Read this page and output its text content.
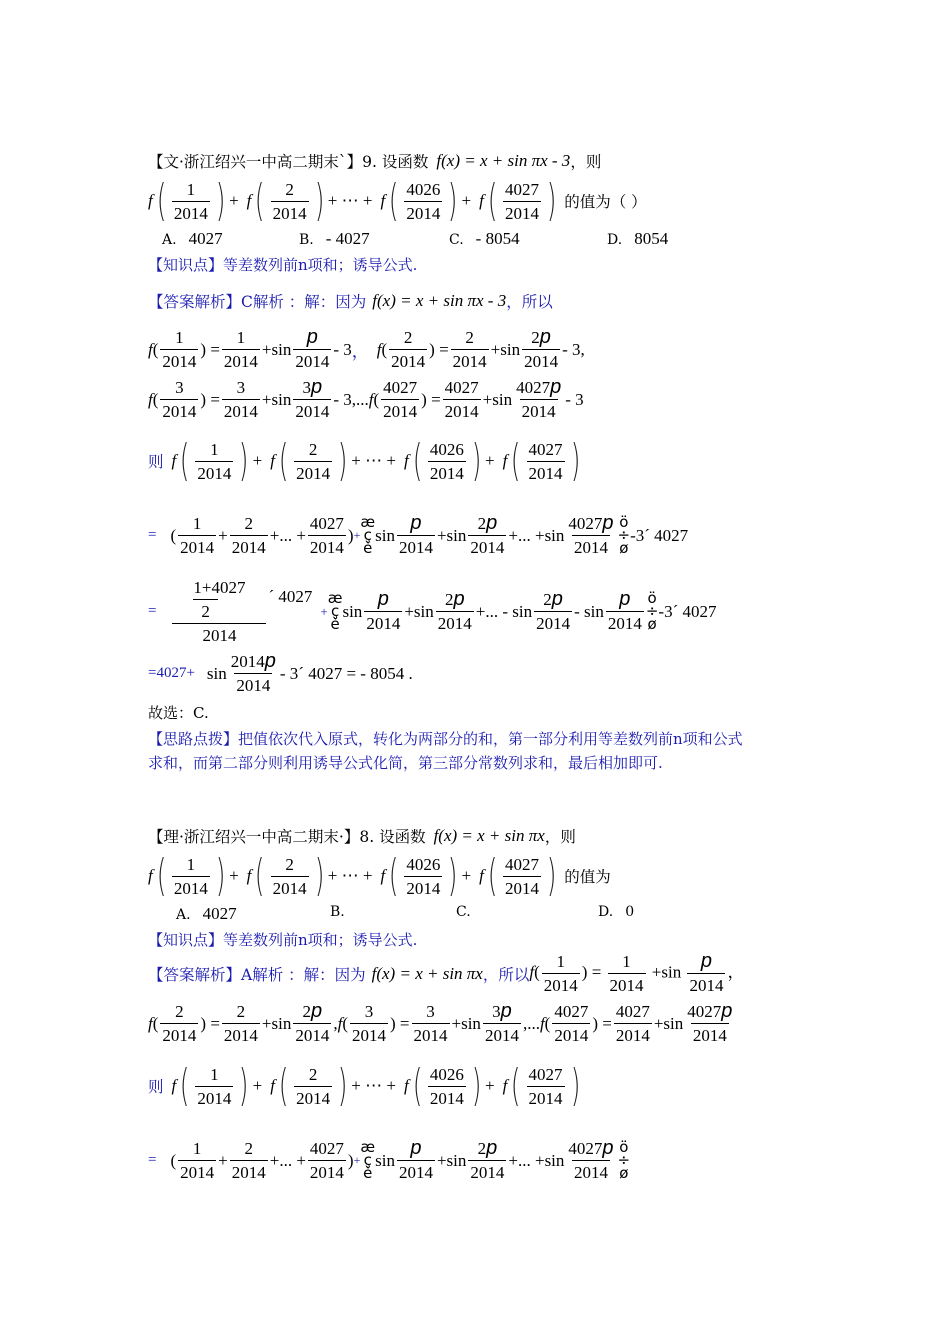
【文·浙江绍兴一中高二期末`】9. 设函数 f(x) = x + sin πx - 3 ，则
f ( $\frac{1}{2014}$ ) + f ( $\frac{2}{2014}$ ) + ⋯ + f ( $\frac{4026}{2014}$ ) + f ( $\frac{4027}{2014}$ ) 的值为（ ）
A. 4027	B. - 4027	C. - 8054	D. 8054
【知识点】等差数列前n项和；诱导公式.
【答案解析】C解析 ：解：因为 f(x) = x + sin πx - 3 ，所以
f ( $\frac{1}{2014}$ ) = $\frac{1}{2014} +\sin \frac{p}{2014} - 3$ ， f ( $\frac{2}{2014}$ ) = $\frac{2}{2014} +\sin \frac{2p}{2014} - 3$,
f ( $\frac{3}{2014}$ ) = $\frac{3}{2014} +\sin \frac{3p}{2014} - 3$,... f ( $\frac{4027}{2014}$ ) = $\frac{4027}{2014} +\sin \frac{4027p}{2014} - 3$
则 f ( $\frac{1}{2014}$ ) + f ( $\frac{2}{2014}$ ) + ⋯ + f ( $\frac{4026}{2014}$ ) + f ( $\frac{4027}{2014}$ )
= ( $\frac{1}{2014} + \frac{2}{2014}$ +... + $\frac{4027}{2014}$ ) +
æ
ç
è
$\sin \frac{p}{2014} +\sin \frac{2p}{2014}$ +... $+\sin \frac{4027p}{2014}$ ö
÷
ø
-3´ 4027
=
1+4027
2
2014
´ 4027
+
æ
ç
è
$\sin \frac{p}{2014} +\sin \frac{2p}{2014}$ +... - $\sin \frac{2p}{2014}$ - $\sin \frac{p}{2014}$ ö
÷
ø
-3´ 4027
$=4027+ \sin \frac{2014p}{2014}$ - 3´ 4027 = - 8054 .
故选：C.
【思路点拨】把值依次代入原式，转化为两部分的和，第一部分利用等差数列前n项和公式
求和，而第二部分则利用诱导公式化简，第三部分常数列求和，最后相加即可.
【理·浙江绍兴一中高二期末·】8. 设函数 f(x) = x + sin πx ，则
f ( $\frac{1}{2014}$ ) + f ( $\frac{2}{2014}$ ) + ⋯ + f ( $\frac{4026}{2014}$ ) + f ( $\frac{4027}{2014}$ ) 的值为
A. 4027	B.	C.	D. 0
【知识点】等差数列前n项和；诱导公式.
【答案解析】A解析 ：解：因为 f(x) = x + sin πx ，所以 $f( \frac{1}{2014}$ ) = $\frac{1}{2014} +\sin \frac{p}{2014}$ ，
f ( $\frac{2}{2014}$ ) = $\frac{2}{2014} +\sin \frac{2p}{2014}$ , f ( $\frac{3}{2014}$ ) = $\frac{3}{2014} +\sin \frac{3p}{2014}$ ,... f ( $\frac{4027}{2014}$ ) = $\frac{4027}{2014} +\sin \frac{4027p}{2014}$
则 f ( $\frac{1}{2014}$ ) + f ( $\frac{2}{2014}$ ) + ⋯ + f ( $\frac{4026}{2014}$ ) + f ( $\frac{4027}{2014}$ )
= ( $\frac{1}{2014} + \frac{2}{2014}$ +... + $\frac{4027}{2014}$ ) +
æ
ç
è
$\sin \frac{p}{2014} +\sin \frac{2p}{2014}$ +... $+\sin \frac{4027p}{2014}$ ö
÷
ø
